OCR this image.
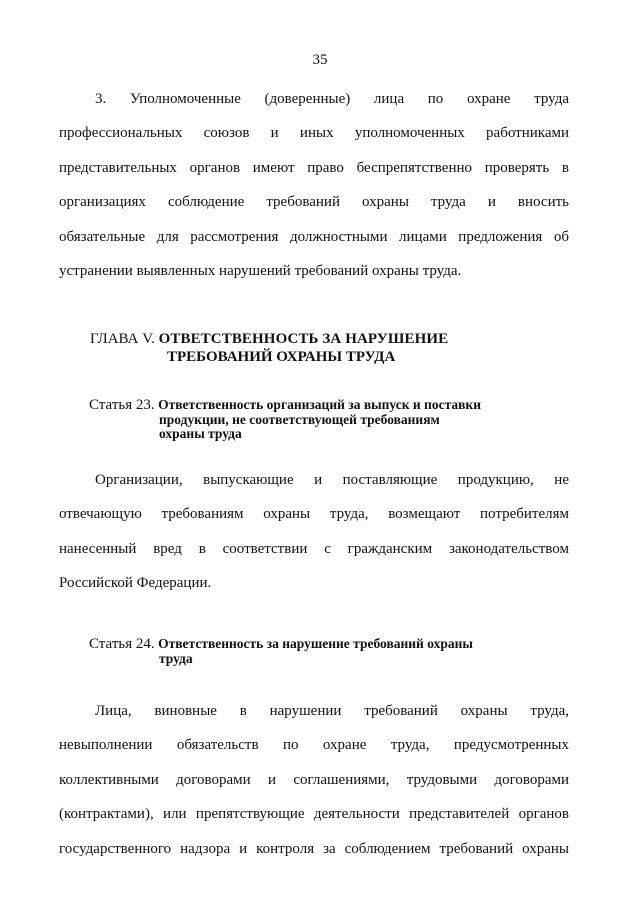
35
3. Уполномоченные (доверенные) лица по охране труда
профессиональных союзов и иных уполномоченных работниками
представительных органов имеют право беспрепятственно проверять в
организациях соблюдение требований охраны труда и вносить
обязательные для рассмотрения должностными лицами предложения об
устранении выявленных нарушений требований охраны труда.
ГЛАВА V. ОТВЕТСТВЕННОСТЬ ЗА НАРУШЕНИЕ
ТРЕБОВАНИЙ ОХРАНЫ ТРУДА
Статья 23. Ответственность организаций за выпуск и поставки
продукции, не соответствующей требованиям
охраны труда
Организации, выпускающие и поставляющие продукцию, не
отвечающую требованиям охраны труда, возмещают потребителям
нанесенный вред в соответствии с гражданским законодательством
Российской Федерации.
Статья 24. Ответственность за нарушение требований охраны
труда
Лица, виновные в нарушении требований охраны труда,
невыполнении обязательств по охране труда, предусмотренных
коллективными договорами и соглашениями, трудовыми договорами
(контрактами), или препятствующие деятельности представителей органов
государственного надзора и контроля за соблюдением требований охраны
